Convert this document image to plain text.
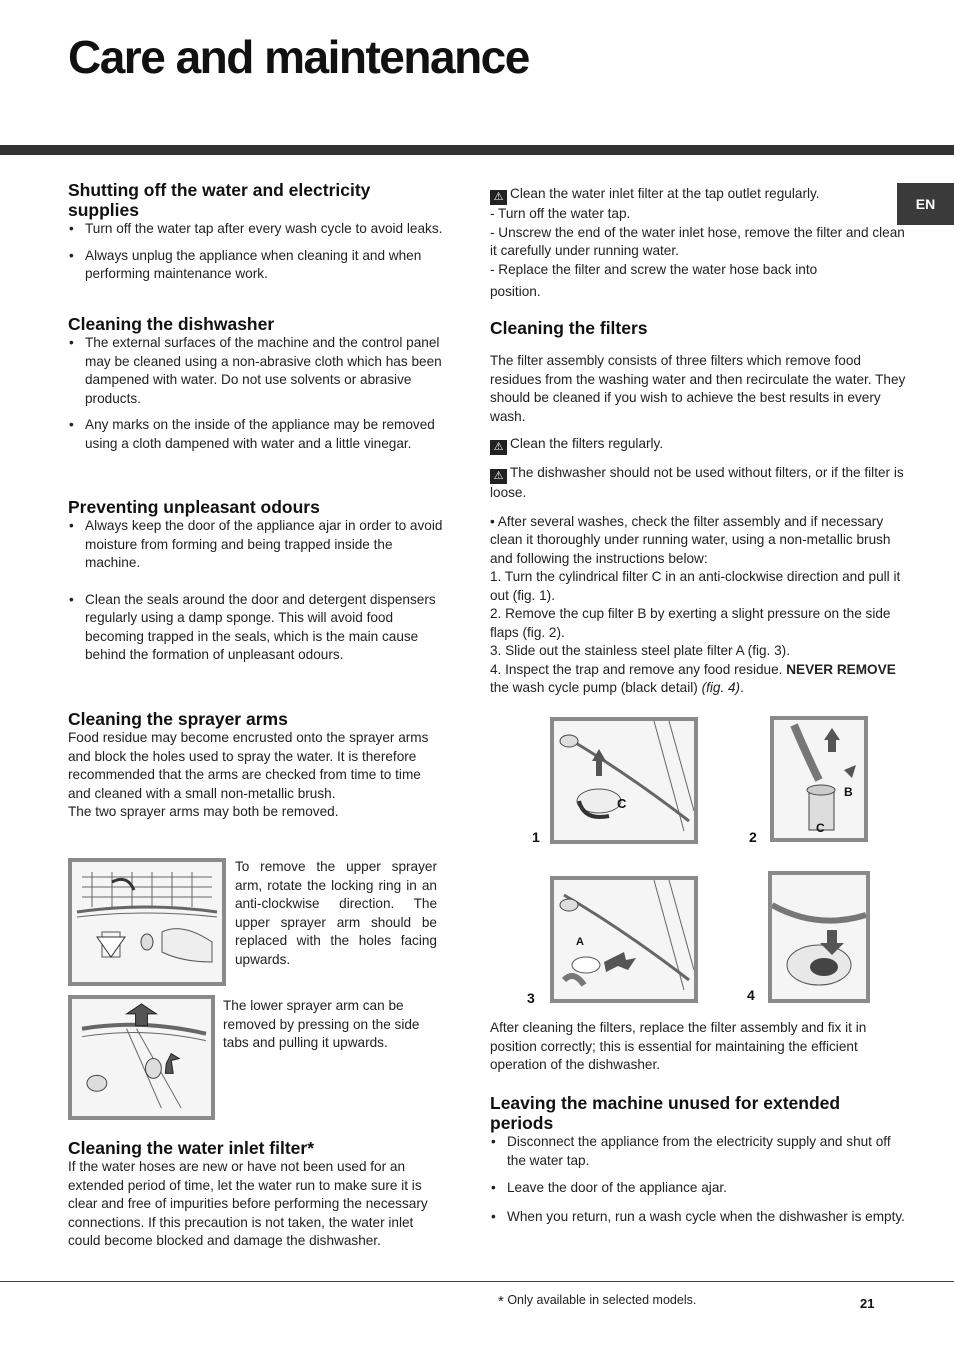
Care and maintenance
EN
Shutting off the water and electricity supplies
• Turn off the water tap after every wash cycle to avoid leaks.
• Always unplug the appliance when cleaning it and when performing maintenance work.
Cleaning the dishwasher
• The external surfaces of the machine and the control panel may be cleaned using a non-abrasive cloth which has been dampened with water. Do not use solvents or abrasive products.
• Any marks on the inside of the appliance may be removed using a cloth dampened with water and a little vinegar.
Preventing unpleasant odours
• Always keep the door of the appliance ajar in order to avoid moisture from forming and being trapped inside the machine.
• Clean the seals around the door and detergent dispensers regularly using a damp sponge. This will avoid food becoming trapped in the seals, which is the main cause behind the formation of unpleasant odours.
Cleaning the sprayer arms

Food residue may become encrusted onto the sprayer arms and block the holes used to spray the water. It is therefore recommended that the arms are checked from time to time and cleaned with a small non-metallic brush.

The two sprayer arms may both be removed.

To remove the upper sprayer arm, rotate the locking ring in an anti-clockwise direction. The upper sprayer arm should be replaced with the holes facing upwards.
The lower sprayer arm can be removed by pressing on the side tabs and pulling it upwards.
Cleaning the water inlet filter*

If the water hoses are new or have not been used for an extended period of time, let the water run to make sure it is clear and free of impurities before performing the necessary connections. If this precaution is not taken, the water inlet could become blocked and damage the dishwasher.

⚠ Clean the water inlet filter at the tap outlet regularly.

- Turn off the water tap.

- Unscrew the end of the water inlet hose, remove the filter and clean it carefully under running water.

- Replace the filter and screw the water hose back into

position.

Cleaning the filters

The filter assembly consists of three filters which remove food residues from the washing water and then recirculate the water. They should be cleaned if you wish to achieve the best results in every wash.

⚠ Clean the filters regularly.

⚠ The dishwasher should not be used without filters, or if the filter is loose.

• After several washes, check the filter assembly and if necessary clean it thoroughly under running water, using a non-metallic brush and following the instructions below:

1. Turn the cylindrical filter C in an anti-clockwise direction and pull it out (fig. 1).

2. Remove the cup filter B by exerting a slight pressure on the side flaps (fig. 2).

3. Slide out the stainless steel plate filter A (fig. 3).

4. Inspect the trap and remove any food residue. NEVER REMOVE the wash cycle pump (black detail) (fig. 4).

C
B
C
A
1	2
3	4
After cleaning the filters, replace the filter assembly and fix it in position correctly; this is essential for maintaining the efficient operation of the dishwasher.
Leaving the machine unused for extended periods
• Disconnect the appliance from the electricity supply and shut off the water tap.
• Leave the door of the appliance ajar.
• When you return, run a wash cycle when the dishwasher is empty.
* Only available in selected models.	21
